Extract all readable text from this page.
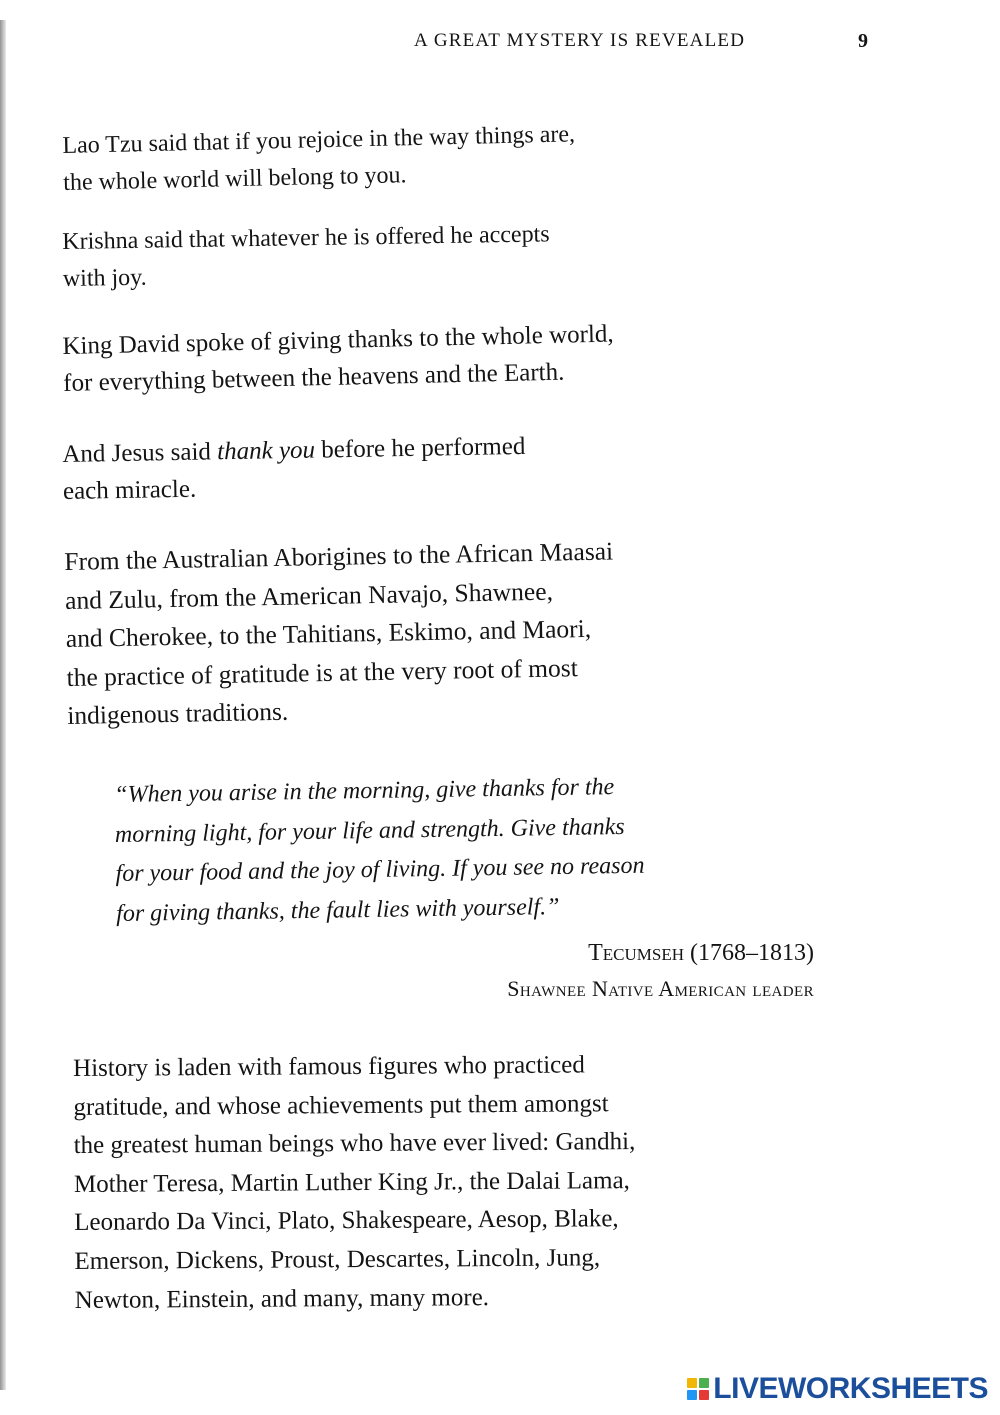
A GREAT MYSTERY IS REVEALED	9

Lao Tzu said that if you rejoice in the way things are,
the whole world will belong to you.

Krishna said that whatever he is offered he accepts
with joy.

King David spoke of giving thanks to the whole world,
for everything between the heavens and the Earth.

And Jesus said thank you before he performed
each miracle.

From the Australian Aborigines to the African Maasai
and Zulu, from the American Navajo, Shawnee,
and Cherokee, to the Tahitians, Eskimo, and Maori,
the practice of gratitude is at the very root of most
indigenous traditions.

“When you arise in the morning, give thanks for the
morning light, for your life and strength. Give thanks
for your food and the joy of living. If you see no reason
for giving thanks, the fault lies with yourself.”

Tecumseh (1768–1813)

Shawnee Native American leader

History is laden with famous figures who practiced
gratitude, and whose achievements put them amongst
the greatest human beings who have ever lived: Gandhi,
Mother Teresa, Martin Luther King Jr., the Dalai Lama,
Leonardo Da Vinci, Plato, Shakespeare, Aesop, Blake,
Emerson, Dickens, Proust, Descartes, Lincoln, Jung,
Newton, Einstein, and many, many more.

LIVEWORKSHEETS
